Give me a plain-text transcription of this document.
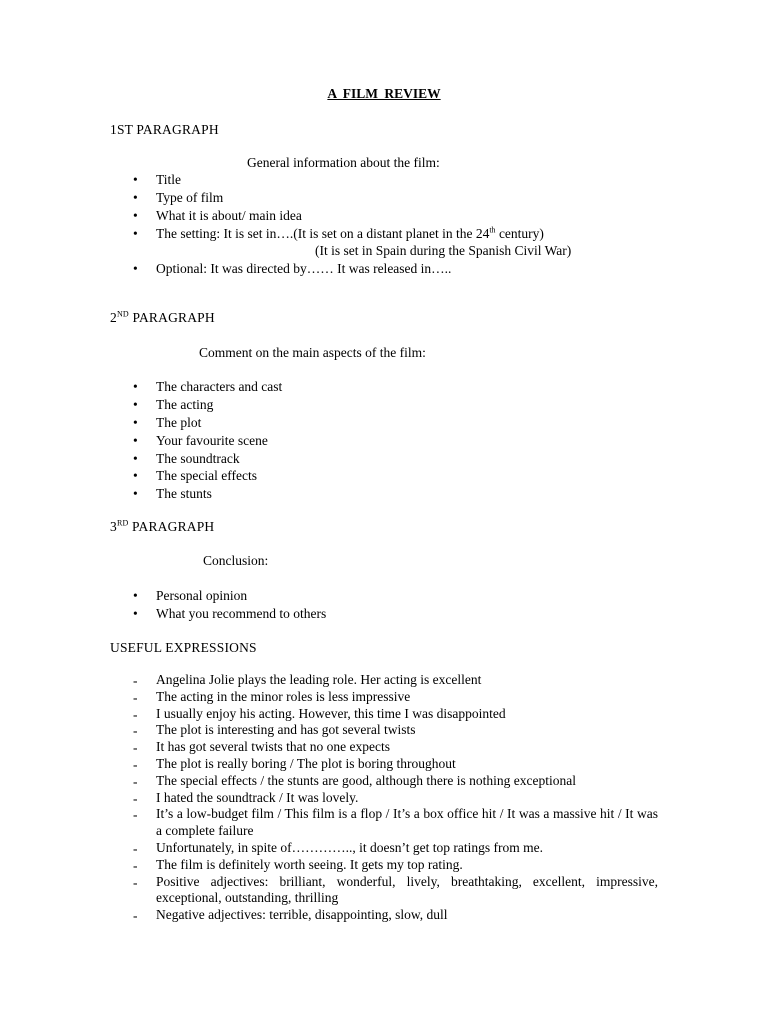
A FILM REVIEW
1ST PARAGRAPH
General information about the film:
• Title
• Type of film
• What it is about/ main idea
• The setting: It is set in….(It is set on a distant planet in the 24th century)
(It is set in Spain during the Spanish Civil War)
• Optional: It was directed by…… It was released in…..
2ND PARAGRAPH
Comment on the main aspects of the film:
• The characters and cast
• The acting
• The plot
• Your favourite scene
• The soundtrack
• The special effects
• The stunts
3RD PARAGRAPH
Conclusion:
• Personal opinion
• What you recommend to others
USEFUL EXPRESSIONS
- Angelina Jolie plays the leading role. Her acting is excellent
- The acting in the minor roles is less impressive
- I usually enjoy his acting. However, this time I was disappointed
- The plot is interesting and has got several twists
- It has got several twists that no one expects
- The plot is really boring / The plot is boring throughout
- The special effects / the stunts are good, although there is nothing exceptional
- I hated the soundtrack / It was lovely.
- It’s a low-budget film / This film is a flop / It’s a box office hit / It was a massive hit / It was a complete failure
- Unfortunately, in spite of………….., it doesn’t get top ratings from me.
- The film is definitely worth seeing. It gets my top rating.
- Positive adjectives: brilliant, wonderful, lively, breathtaking, excellent, impressive, exceptional, outstanding, thrilling
- Negative adjectives: terrible, disappointing, slow, dull
